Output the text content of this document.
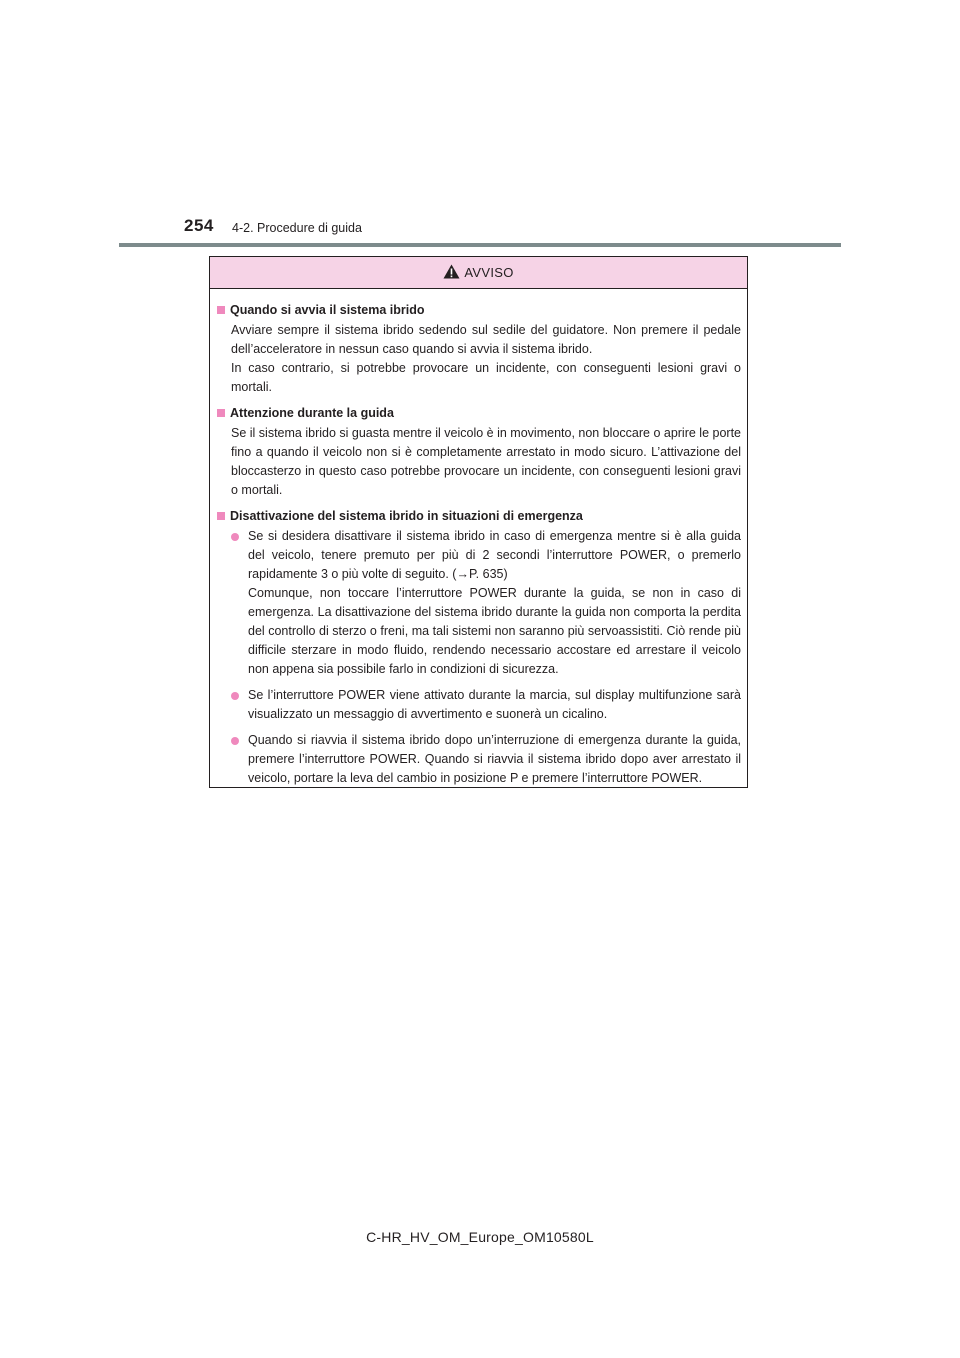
254 4-2. Procedure di guida
AVVISO
Quando si avvia il sistema ibrido

Avviare sempre il sistema ibrido sedendo sul sedile del guidatore. Non premere il pedale dell’acceleratore in nessun caso quando si avvia il sistema ibrido.

In caso contrario, si potrebbe provocare un incidente, con conseguenti lesioni gravi o mortali.

Attenzione durante la guida

Se il sistema ibrido si guasta mentre il veicolo è in movimento, non bloccare o aprire le porte fino a quando il veicolo non si è completamente arrestato in modo sicuro. L’attivazione del bloccasterzo in questo caso potrebbe provocare un incidente, con conseguenti lesioni gravi o mortali.

Disattivazione del sistema ibrido in situazioni di emergenza

Se si desidera disattivare il sistema ibrido in caso di emergenza mentre si è alla guida del veicolo, tenere premuto per più di 2 secondi l’interruttore POWER, o premerlo rapidamente 3 o più volte di seguito. (→P. 635)

Comunque, non toccare l’interruttore POWER durante la guida, se non in caso di emergenza. La disattivazione del sistema ibrido durante la guida non comporta la perdita del controllo di sterzo o freni, ma tali sistemi non saranno più servoassistiti. Ciò rende più difficile sterzare in modo fluido, rendendo necessario accostare ed arrestare il veicolo non appena sia possibile farlo in condizioni di sicurezza.

Se l’interruttore POWER viene attivato durante la marcia, sul display multifunzione sarà visualizzato un messaggio di avvertimento e suonerà un cicalino.

Quando si riavvia il sistema ibrido dopo un’interruzione di emergenza durante la guida, premere l’interruttore POWER. Quando si riavvia il sistema ibrido dopo aver arrestato il veicolo, portare la leva del cambio in posizione P e premere l’interruttore POWER.

C-HR_HV_OM_Europe_OM10580L
